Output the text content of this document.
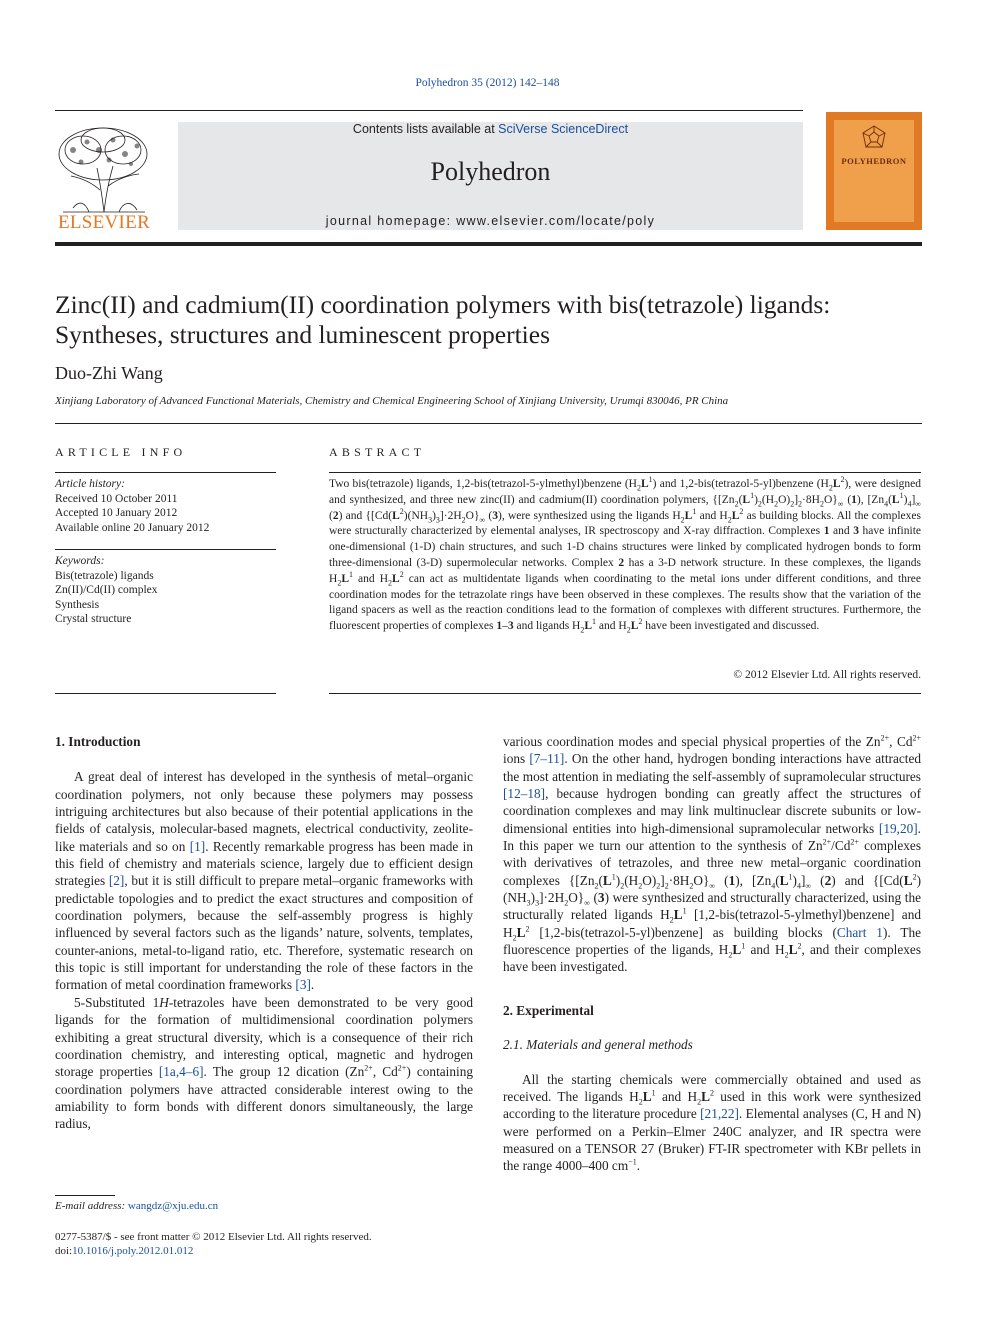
Polyhedron 35 (2012) 142–148
ELSEVIER
Contents lists available at SciVerse ScienceDirect
Polyhedron
journal homepage: www.elsevier.com/locate/poly
POLYHEDRON
Zinc(II) and cadmium(II) coordination polymers with bis(tetrazole) ligands: Syntheses, structures and luminescent properties
Duo-Zhi Wang
Xinjiang Laboratory of Advanced Functional Materials, Chemistry and Chemical Engineering School of Xinjiang University, Urumqi 830046, PR China
ARTICLE INFO
Article history:
Received 10 October 2011
Accepted 10 January 2012
Available online 20 January 2012
Keywords:
Bis(tetrazole) ligands
Zn(II)/Cd(II) complex
Synthesis
Crystal structure
ABSTRACT
Two bis(tetrazole) ligands, 1,2-bis(tetrazol-5-ylmethyl)benzene $(H_2L^1)$ and 1,2-bis(tetrazol-5-yl)benzene $(H_2L^2)$, were designed and synthesized, and three new zinc(II) and cadmium(II) coordination polymers, $\{[Zn_2(L^1)_2(H_2O)_2]_2\cdot 8H_2O\}_\infty$ (1), $[Zn_4(L^1)_4]_\infty$ (2) and $\{[Cd(L^2)(NH_3)_3]\cdot 2H_2O\}_\infty$ (3), were synthesized using the ligands $H_2L^1$ and $H_2L^2$ as building blocks. All the complexes were structurally characterized by elemental analyses, IR spectroscopy and X-ray diffraction. Complexes 1 and 3 have infinite one-dimensional (1-D) chain structures, and such 1-D chains structures were linked by complicated hydrogen bonds to form three-dimensional (3-D) supermolecular networks. Complex 2 has a 3-D network structure. In these complexes, the ligands $H_2L^1$ and $H_2L^2$ can act as multidentate ligands when coordinating to the metal ions under different conditions, and three coordination modes for the tetrazolate rings have been observed in these complexes. The results show that the variation of the ligand spacers as well as the reaction conditions lead to the formation of complexes with different structures. Furthermore, the fluorescent properties of complexes 1–3 and ligands $H_2L^1$ and $H_2L^2$ have been investigated and discussed.
© 2012 Elsevier Ltd. All rights reserved.
1. Introduction

A great deal of interest has developed in the synthesis of metal–organic coordination polymers, not only because these polymers may possess intriguing architectures but also because of their potential applications in the fields of catalysis, molecular-based magnets, electrical conductivity, zeolite-like materials and so on [1]. Recently remarkable progress has been made in this field of chemistry and materials science, largely due to efficient design strategies [2], but it is still difficult to prepare metal–organic frameworks with predictable topologies and to predict the exact structures and composition of coordination polymers, because the self-assembly progress is highly influenced by several factors such as the ligands’ nature, solvents, templates, counter-anions, metal-to-ligand ratio, etc. Therefore, systematic research on this topic is still important for understanding the role of these factors in the formation of metal coordination frameworks [3].

5-Substituted 1H-tetrazoles have been demonstrated to be very good ligands for the formation of multidimensional coordination polymers exhibiting a great structural diversity, which is a consequence of their rich coordination chemistry, and interesting optical, magnetic and hydrogen storage properties [1a,4–6]. The group 12 dication ($Zn^{2+}$, $Cd^{2+}$) containing coordination polymers have attracted considerable interest owing to the amiability to form bonds with different donors simultaneously, the large radius,

various coordination modes and special physical properties of the $Zn^{2+}$, $Cd^{2+}$ ions [7–11]. On the other hand, hydrogen bonding interactions have attracted the most attention in mediating the self-assembly of supramolecular structures [12–18], because hydrogen bonding can greatly affect the structures of coordination complexes and may link multinuclear discrete subunits or low-dimensional entities into high-dimensional supramolecular networks [19,20]. In this paper we turn our attention to the synthesis of $Zn^{2+}/Cd^{2+}$ complexes with derivatives of tetrazoles, and three new metal–organic coordination complexes $\{[Zn_2(L^1)_2(H_2O)_2]_2\cdot 8H_2O\}_\infty$ (1), $[Zn_4(L^1)_4]_\infty$ (2) and $\{[Cd(L^2)(NH_3)_3]\cdot 2H_2O\}_\infty$ (3) were synthesized and structurally characterized, using the structurally related ligands $H_2L^1$ [1,2-bis(tetrazol-5-ylmethyl)benzene] and $H_2L^2$ [1,2-bis(tetrazol-5-yl)benzene] as building blocks (Chart 1). The fluorescence properties of the ligands, $H_2L^1$ and $H_2L^2$, and their complexes have been investigated.

2. Experimental
2.1. Materials and general methods

All the starting chemicals were commercially obtained and used as received. The ligands $H_2L^1$ and $H_2L^2$ used in this work were synthesized according to the literature procedure [21,22]. Elemental analyses (C, H and N) were performed on a Perkin–Elmer 240C analyzer, and IR spectra were measured on a TENSOR 27 (Bruker) FT-IR spectrometer with KBr pellets in the range 4000–400 $cm^{-1}$.

E-mail address: wangdz@xju.edu.cn
0277-5387/$ - see front matter © 2012 Elsevier Ltd. All rights reserved.
doi:10.1016/j.poly.2012.01.012
